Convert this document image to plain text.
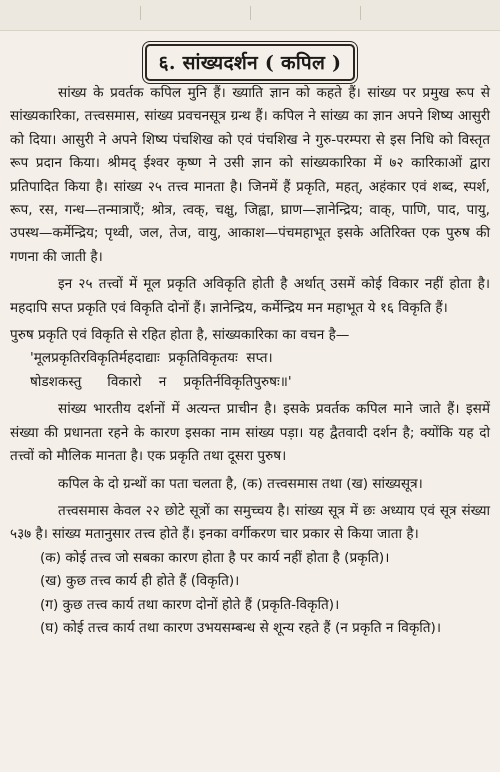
६. सांख्यदर्शन ( कपिल )

सांख्य के प्रवर्तक कपिल मुनि हैं। ख्याति ज्ञान को कहते हैं। सांख्य पर प्रमुख रूप से सांख्यकारिका, तत्त्वसमास, सांख्य प्रवचनसूत्र ग्रन्थ हैं। कपिल ने सांख्य का ज्ञान अपने शिष्य आसुरी को दिया। आसुरी ने अपने शिष्य पंचशिख को एवं पंचशिख ने गुरु-परम्परा से इस निधि को विस्तृत रूप प्रदान किया। श्रीमद् ईश्वर कृष्ण ने उसी ज्ञान को सांख्यकारिका में ७२ कारिकाओं द्वारा प्रतिपादित किया है। सांख्य २५ तत्त्व मानता है। जिनमें हैं प्रकृति, महत्, अहंकार एवं शब्द, स्पर्श, रूप, रस, गन्ध—तन्मात्राएँ; श्रोत्र, त्वक्, चक्षु, जिह्वा, घ्राण—ज्ञानेन्द्रिय; वाक्, पाणि, पाद, पायु, उपस्थ—कर्मेन्द्रिय; पृथ्वी, जल, तेज, वायु, आकाश—पंचमहाभूत इसके अतिरिक्त एक पुरुष की गणना की जाती है।

इन २५ तत्त्वों में मूल प्रकृति अविकृति होती है अर्थात् उसमें कोई विकार नहीं होता है। महदापि सप्त प्रकृति एवं विकृति दोनों हैं। ज्ञानेन्द्रिय, कर्मेन्द्रिय मन महाभूत ये १६ विकृति हैं।

पुरुष प्रकृति एवं विकृति से रहित होता है, सांख्यकारिका का वचन है—

'मूलप्रकृतिरविकृतिर्महदाद्याः  प्रकृतिविकृतयः  सप्त।

षोडशकस्तु      विकारो    न    प्रकृतिर्नविकृतिपुरुषः॥'

सांख्य भारतीय दर्शनों में अत्यन्त प्राचीन है। इसके प्रवर्तक कपिल माने जाते हैं। इसमें संख्या की प्रधानता रहने के कारण इसका नाम सांख्य पड़ा। यह द्वैतवादी दर्शन है; क्योंकि यह दो तत्त्वों को मौलिक मानता है। एक प्रकृति तथा दूसरा पुरुष।

कपिल के दो ग्रन्थों का पता चलता है, (क) तत्त्वसमास तथा (ख) सांख्यसूत्र।

तत्त्वसमास केवल २२ छोटे सूत्रों का समुच्चय है। सांख्य सूत्र में छः अध्याय एवं सूत्र संख्या ५३७ है। सांख्य मतानुसार तत्त्व होते हैं। इनका वर्गीकरण चार प्रकार से किया जाता है।

(क) कोई तत्त्व जो सबका कारण होता है पर कार्य नहीं होता है (प्रकृति)।

(ख) कुछ तत्त्व कार्य ही होते हैं (विकृति)।

(ग) कुछ तत्त्व कार्य तथा कारण दोनों होते हैं (प्रकृति-विकृति)।

(घ) कोई तत्त्व कार्य तथा कारण उभयसम्बन्ध से शून्य रहते हैं (न प्रकृति न विकृति)।
